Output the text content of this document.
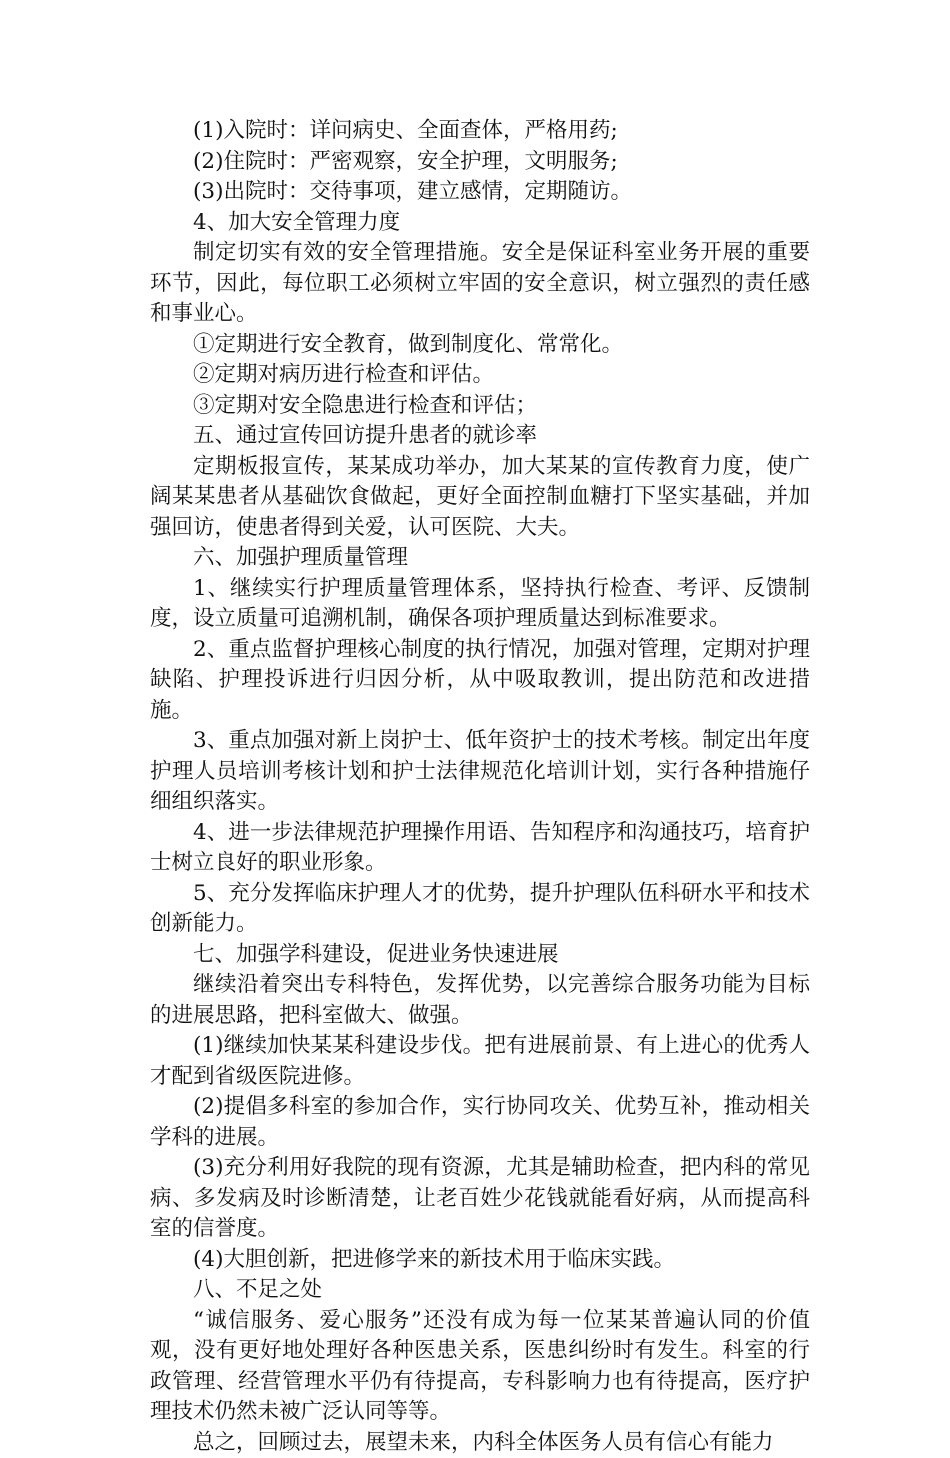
(1)入院时：详问病史、全面查体，严格用药;

(2)住院时：严密观察，安全护理，文明服务;

(3)出院时：交待事项，建立感情，定期随访。

4、加大安全管理力度

制定切实有效的安全管理措施。安全是保证科室业务开展的重要环节，因此，每位职工必须树立牢固的安全意识，树立强烈的责任感和事业心。

①定期进行安全教育，做到制度化、常常化。

②定期对病历进行检查和评估。

③定期对安全隐患进行检查和评估；

五、通过宣传回访提升患者的就诊率

定期板报宣传，某某成功举办，加大某某的宣传教育力度，使广阔某某患者从基础饮食做起，更好全面控制血糖打下坚实基础，并加强回访，使患者得到关爱，认可医院、大夫。

六、加强护理质量管理

1、继续实行护理质量管理体系，坚持执行检查、考评、反馈制度，设立质量可追溯机制，确保各项护理质量达到标准要求。

2、重点监督护理核心制度的执行情况，加强对管理，定期对护理缺陷、护理投诉进行归因分析，从中吸取教训，提出防范和改进措施。

3、重点加强对新上岗护士、低年资护士的技术考核。制定出年度护理人员培训考核计划和护士法律规范化培训计划，实行各种措施仔细组织落实。

4、进一步法律规范护理操作用语、告知程序和沟通技巧，培育护士树立良好的职业形象。

5、充分发挥临床护理人才的优势，提升护理队伍科研水平和技术创新能力。

七、加强学科建设，促进业务快速进展

继续沿着突出专科特色，发挥优势，以完善综合服务功能为目标的进展思路，把科室做大、做强。

(1)继续加快某某科建设步伐。把有进展前景、有上进心的优秀人才配到省级医院进修。

(2)提倡多科室的参加合作，实行协同攻关、优势互补，推动相关学科的进展。

(3)充分利用好我院的现有资源，尤其是辅助检查，把内科的常见病、多发病及时诊断清楚，让老百姓少花钱就能看好病，从而提高科室的信誉度。

(4)大胆创新，把进修学来的新技术用于临床实践。

八、不足之处

“诚信服务、爱心服务”还没有成为每一位某某普遍认同的价值观，没有更好地处理好各种医患关系，医患纠纷时有发生。科室的行政管理、经营管理水平仍有待提高，专科影响力也有待提高，医疗护理技术仍然未被广泛认同等等。

总之，回顾过去，展望未来，内科全体医务人员有信心有能力
